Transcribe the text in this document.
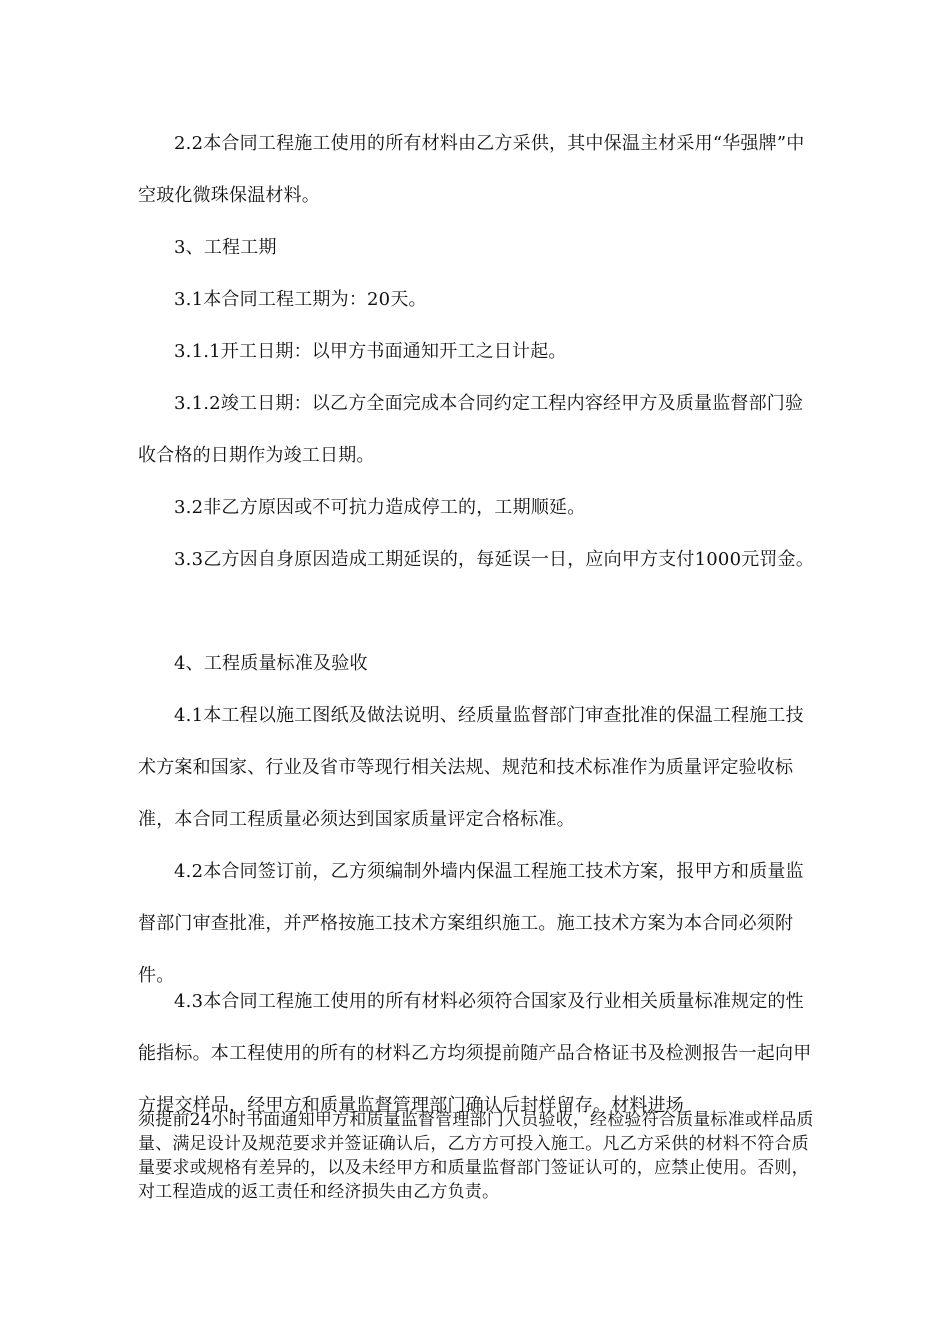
2.2本合同工程施工使用的所有材料由乙方采供，其中保温主材采用“华强牌”中空玻化微珠保温材料。

3、工程工期

3.1本合同工程工期为：20天。

3.1.1开工日期：以甲方书面通知开工之日计起。

3.1.2竣工日期：以乙方全面完成本合同约定工程内容经甲方及质量监督部门验收合格的日期作为竣工日期。

3.2非乙方原因或不可抗力造成停工的，工期顺延。

3.3乙方因自身原因造成工期延误的，每延误一日，应向甲方支付1000元罚金。

4、工程质量标准及验收

4.1本工程以施工图纸及做法说明、经质量监督部门审查批准的保温工程施工技术方案和国家、行业及省市等现行相关法规、规范和技术标准作为质量评定验收标准，本合同工程质量必须达到国家质量评定合格标准。

4.2本合同签订前，乙方须编制外墙内保温工程施工技术方案，报甲方和质量监督部门审查批准，并严格按施工技术方案组织施工。施工技术方案为本合同必须附件。

4.3本合同工程施工使用的所有材料必须符合国家及行业相关质量标准规定的性能指标。本工程使用的所有的材料乙方均须提前随产品合格证书及检测报告一起向甲方提交样品，经甲方和质量监督管理部门确认后封样留存。材料进场

须提前24小时书面通知甲方和质量监督管理部门人员验收，经检验符合质量标准或样品质量、满足设计及规范要求并签证确认后，乙方方可投入施工。凡乙方采供的材料不符合质量要求或规格有差异的，以及未经甲方和质量监督部门签证认可的，应禁止使用。否则，对工程造成的返工责任和经济损失由乙方负责。
